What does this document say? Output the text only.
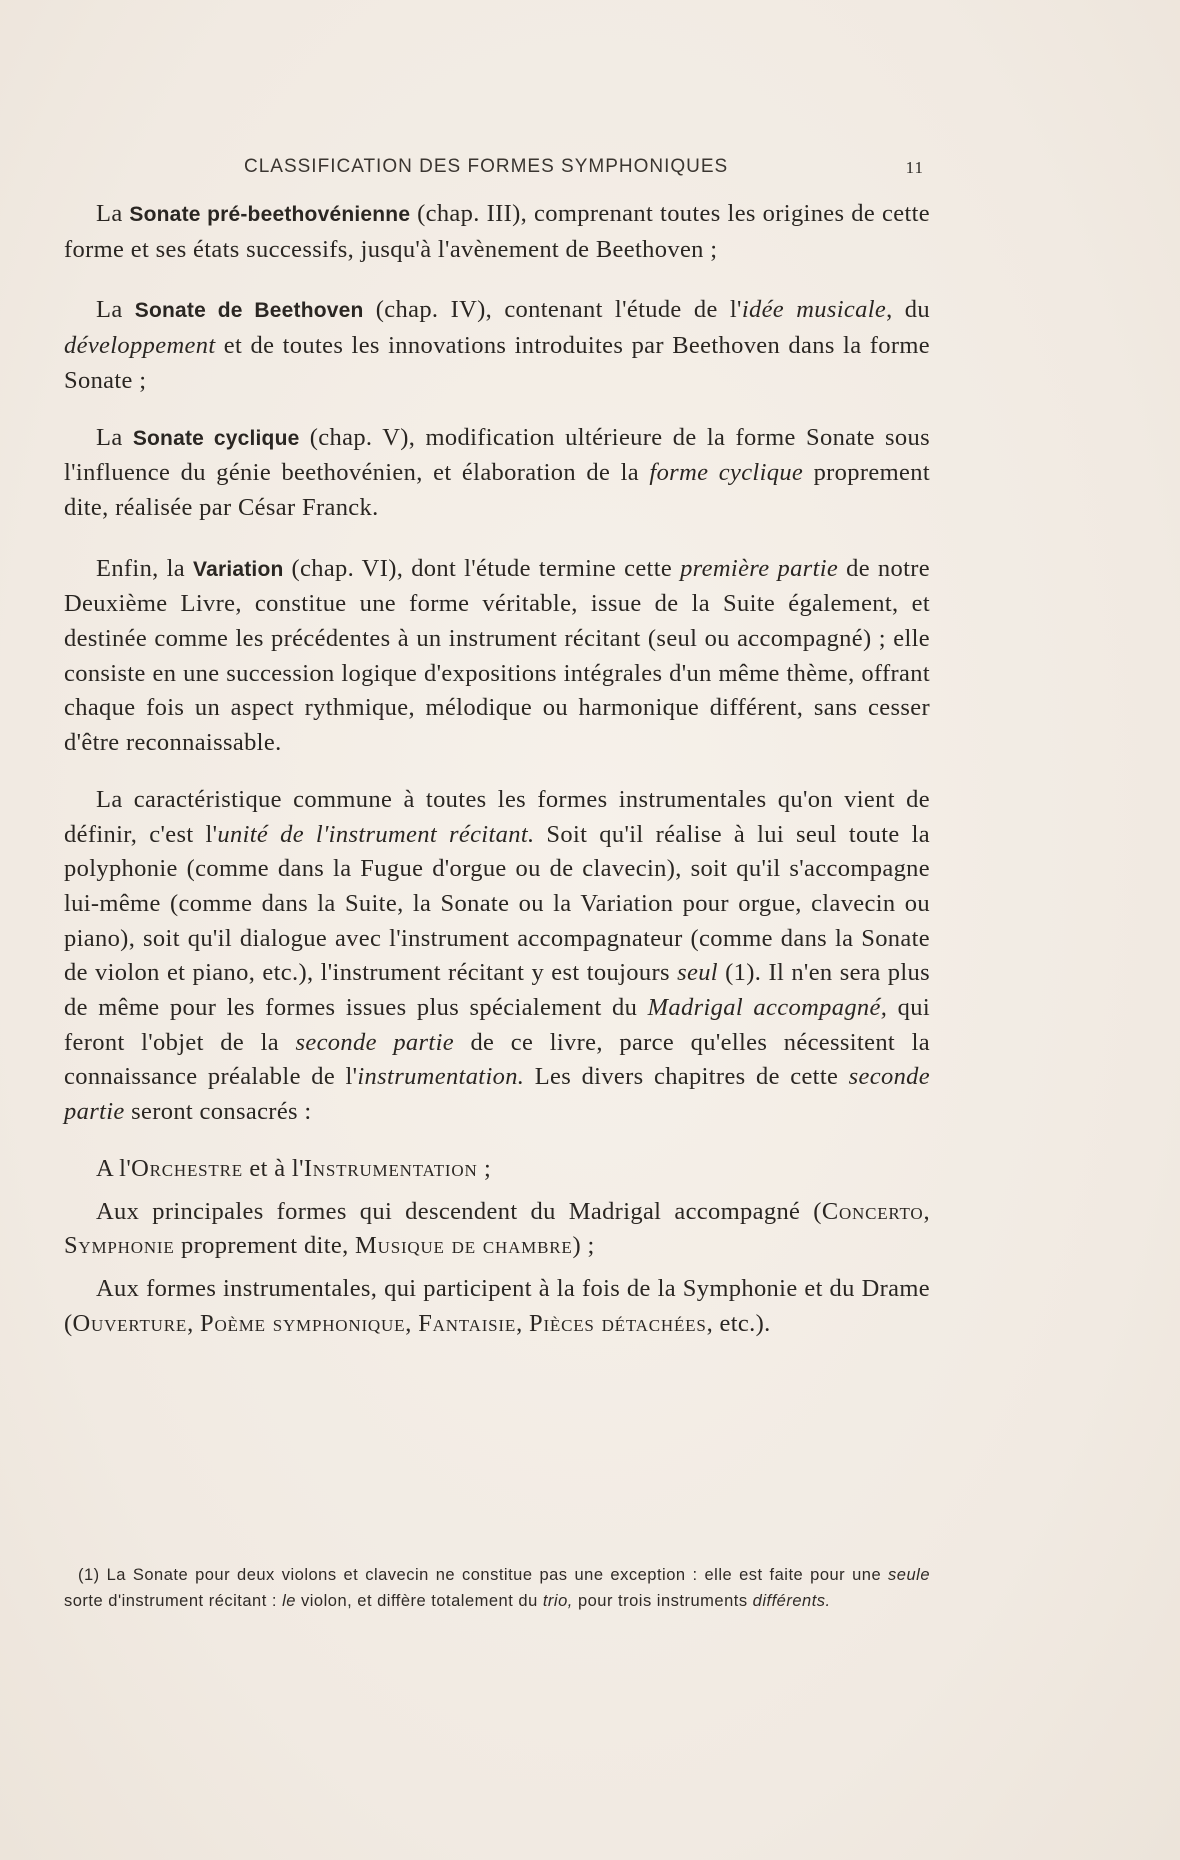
CLASSIFICATION DES FORMES SYMPHONIQUES	11

La Sonate pré-beethovénienne (chap. III), comprenant toutes les origines de cette forme et ses états successifs, jusqu'à l'avènement de Beethoven ;

La Sonate de Beethoven (chap. IV), contenant l'étude de l'idée musicale, du développement et de toutes les innovations introduites par Beethoven dans la forme Sonate ;

La Sonate cyclique (chap. V), modification ultérieure de la forme Sonate sous l'influence du génie beethovénien, et élaboration de la forme cyclique proprement dite, réalisée par César Franck.

Enfin, la Variation (chap. VI), dont l'étude termine cette première partie de notre Deuxième Livre, constitue une forme véritable, issue de la Suite également, et destinée comme les précédentes à un instrument récitant (seul ou accompagné) ; elle consiste en une succession logique d'expositions intégrales d'un même thème, offrant chaque fois un aspect rythmique, mélodique ou harmonique différent, sans cesser d'être reconnaissable.

La caractéristique commune à toutes les formes instrumentales qu'on vient de définir, c'est l'unité de l'instrument récitant. Soit qu'il réalise à lui seul toute la polyphonie (comme dans la Fugue d'orgue ou de clavecin), soit qu'il s'accompagne lui-même (comme dans la Suite, la Sonate ou la Variation pour orgue, clavecin ou piano), soit qu'il dialogue avec l'instrument accompagnateur (comme dans la Sonate de violon et piano, etc.), l'instrument récitant y est toujours seul (1). Il n'en sera plus de même pour les formes issues plus spécialement du Madrigal accompagné, qui feront l'objet de la seconde partie de ce livre, parce qu'elles nécessitent la connaissance préalable de l'instrumentation. Les divers chapitres de cette seconde partie seront consacrés :

A l'Orchestre et à l'Instrumentation ;

Aux principales formes qui descendent du Madrigal accompagné (Concerto, Symphonie proprement dite, Musique de chambre) ;

Aux formes instrumentales, qui participent à la fois de la Symphonie et du Drame (Ouverture, Poème symphonique, Fantaisie, Pièces détachées, etc.).

(1) La Sonate pour deux violons et clavecin ne constitue pas une exception : elle est faite pour une seule sorte d'instrument récitant : le violon, et diffère totalement du trio, pour trois instruments différents.
